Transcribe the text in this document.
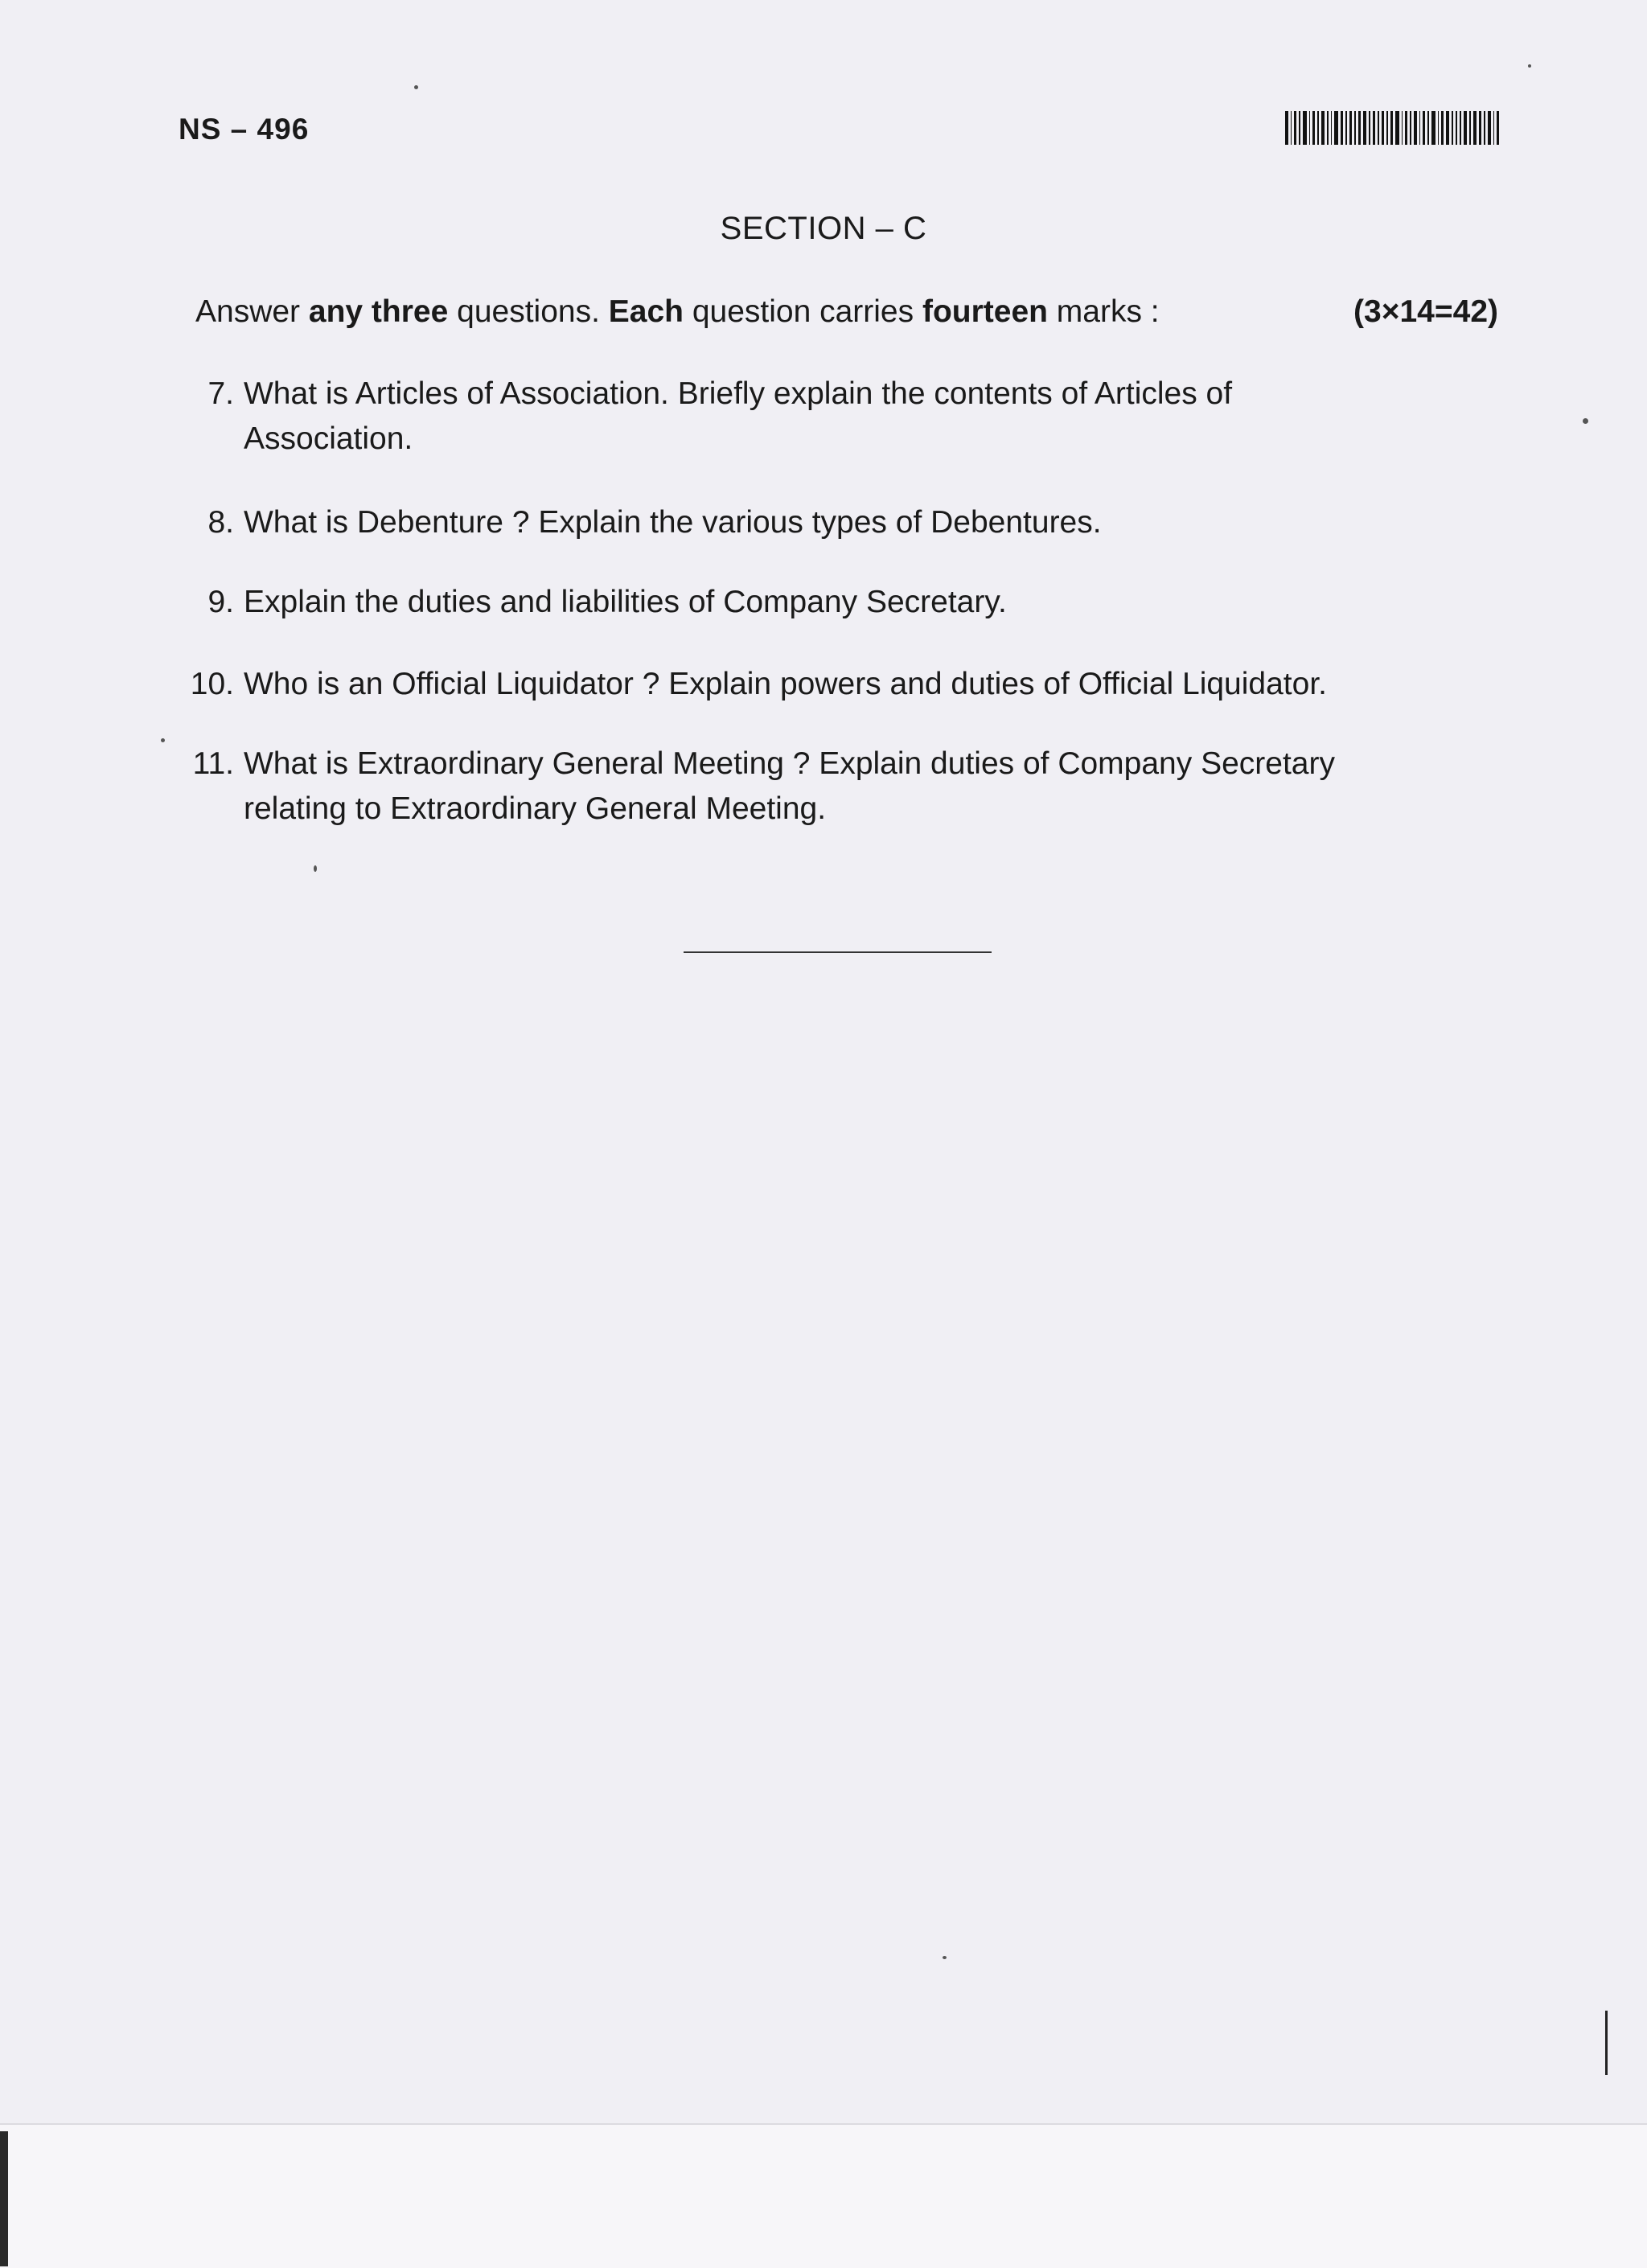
NS – 496
SECTION – C
Answer any three questions. Each question carries fourteen marks :	(3×14=42)
7. What is Articles of Association. Briefly explain the contents of Articles of
Association.
8. What is Debenture ? Explain the various types of Debentures.
9. Explain the duties and liabilities of Company Secretary.
10. Who is an Official Liquidator ? Explain powers and duties of Official Liquidator.
11. What is Extraordinary General Meeting ? Explain duties of Company Secretary
relating to Extraordinary General Meeting.
